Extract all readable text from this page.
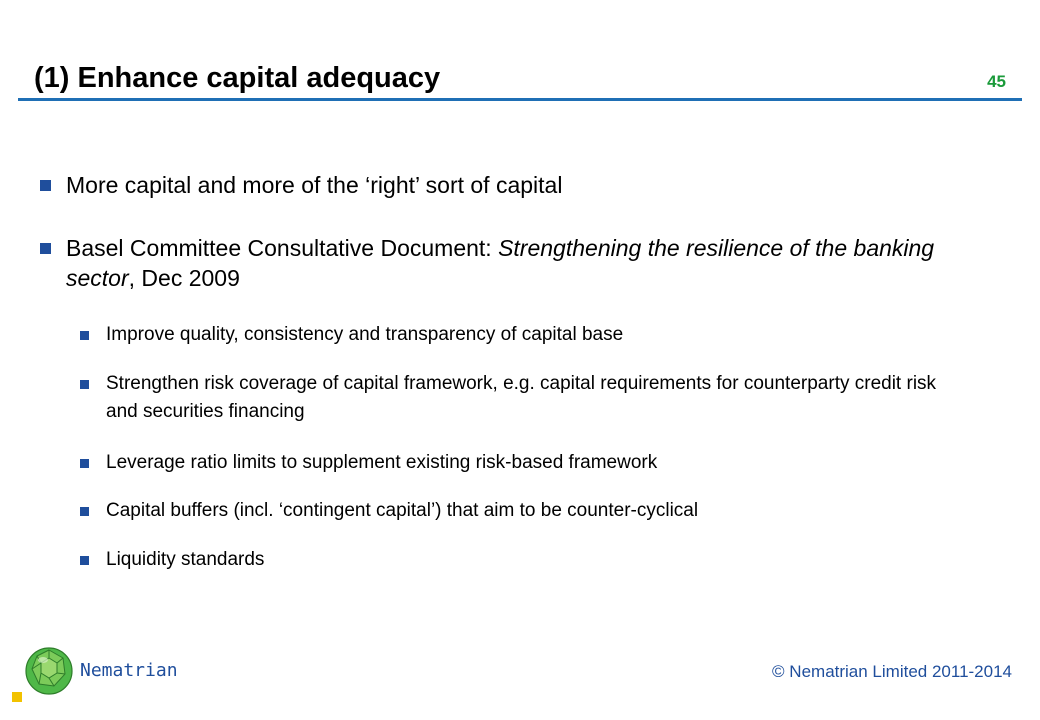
(1) Enhance capital adequacy	45
More capital and more of the ‘right’ sort of capital
Basel Committee Consultative Document: Strengthening the resilience of the banking sector, Dec 2009
Improve quality, consistency and transparency of capital base
Strengthen risk coverage of capital framework, e.g. capital requirements for counterparty credit risk and securities financing
Leverage ratio limits to supplement existing risk-based framework
Capital buffers (incl. ‘contingent capital’) that aim to be counter-cyclical
Liquidity standards
Nematrian	© Nematrian Limited 2011-2014
